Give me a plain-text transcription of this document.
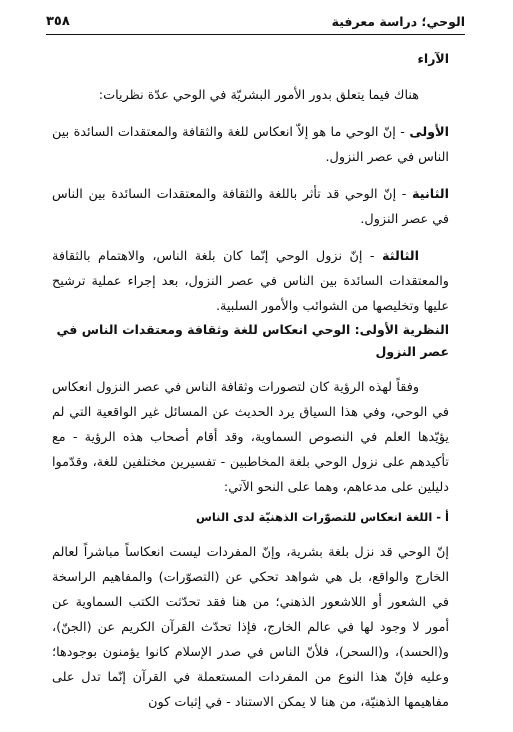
الوحي؛ دراسة معرفية
٣٥٨
الآراء

هناك فيما يتعلق بدور الأمور البشريّة في الوحي عدّة نظريات:

الأولى - إنّ الوحي ما هو إلاّ انعكاس للغة والثقافة والمعتقدات السائدة بين الناس في عصر النزول.

الثانية - إنّ الوحي قد تأثر باللغة والثقافة والمعتقدات السائدة بين الناس في عصر النزول.

الثالثة - إنّ نزول الوحي إنّما كان بلغة الناس، والاهتمام بالثقافة والمعتقدات السائدة بين الناس في عصر النزول، بعد إجراء عملية ترشيح عليها وتخليصها من الشوائب والأمور السلبية.

النظرية الأولى: الوحي انعكاس للغة وثقافة ومعتقدات الناس في عصر النزول

وفقاً لهذه الرؤية كان لتصورات وثقافة الناس في عصر النزول انعكاس في الوحي، وفي هذا السياق يرد الحديث عن المسائل غير الواقعية التي لم يؤيّدها العلم في النصوص السماوية، وقد أقام أصحاب هذه الرؤية - مع تأكيدهم على نزول الوحي بلغة المخاطبين - تفسيرين مختلفين للغة، وقدّموا دليلين على مدعاهم، وهما على النحو الآتي:

أ - اللغة انعكاس للتصوّرات الذهنيّة لدى الناس

إنّ الوحي قد نزل بلغة بشرية، وإنّ المفردات ليست انعكاساً مباشراً لعالم الخارج والواقع، بل هي شواهد تحكي عن (التصوّرات) والمفاهيم الراسخة في الشعور أو اللاشعور الذهني؛ من هنا فقد تحدّثت الكتب السماوية عن أمور لا وجود لها في عالم الخارج، فإذا تحدّث القرآن الكريم عن (الجنّ)، و(الحسد)، و(السحر)، فلأنّ الناس في صدر الإسلام كانوا يؤمنون بوجودها؛ وعليه فإنّ هذا النوع من المفردات المستعملة في القرآن إنّما تدل على مفاهيمها الذهنيّة، من هنا لا يمكن الاستناد - في إثبات كون
